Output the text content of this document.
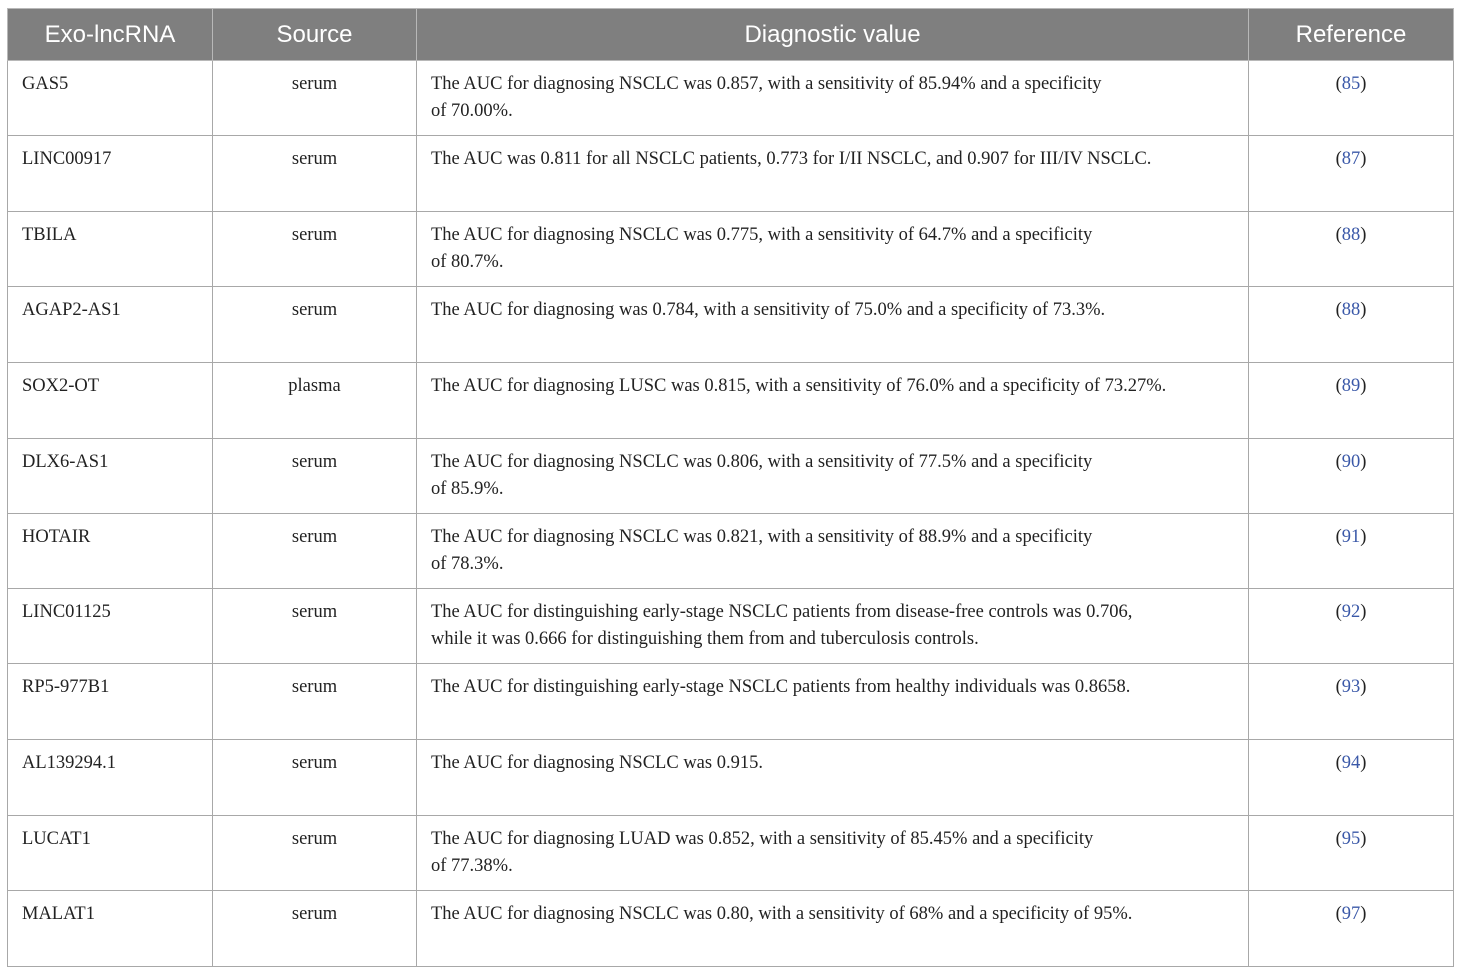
Exo-lncRNA	Source	Diagnostic value	Reference
GAS5	serum	The AUC for diagnosing NSCLC was 0.857, with a sensitivity of 85.94% and a specificity
of 70.00%.	(85)
LINC00917	serum	The AUC was 0.811 for all NSCLC patients, 0.773 for I/II NSCLC, and 0.907 for III/IV NSCLC.	(87)
TBILA	serum	The AUC for diagnosing NSCLC was 0.775, with a sensitivity of 64.7% and a specificity
of 80.7%.	(88)
AGAP2-AS1	serum	The AUC for diagnosing was 0.784, with a sensitivity of 75.0% and a specificity of 73.3%.	(88)
SOX2-OT	plasma	The AUC for diagnosing LUSC was 0.815, with a sensitivity of 76.0% and a specificity of 73.27%.	(89)
DLX6-AS1	serum	The AUC for diagnosing NSCLC was 0.806, with a sensitivity of 77.5% and a specificity
of 85.9%.	(90)
HOTAIR	serum	The AUC for diagnosing NSCLC was 0.821, with a sensitivity of 88.9% and a specificity
of 78.3%.	(91)
LINC01125	serum	The AUC for distinguishing early-stage NSCLC patients from disease-free controls was 0.706,
while it was 0.666 for distinguishing them from and tuberculosis controls.	(92)
RP5-977B1	serum	The AUC for distinguishing early-stage NSCLC patients from healthy individuals was 0.8658.	(93)
AL139294.1	serum	The AUC for diagnosing NSCLC was 0.915.	(94)
LUCAT1	serum	The AUC for diagnosing LUAD was 0.852, with a sensitivity of 85.45% and a specificity
of 77.38%.	(95)
MALAT1	serum	The AUC for diagnosing NSCLC was 0.80, with a sensitivity of 68% and a specificity of 95%.	(97)
